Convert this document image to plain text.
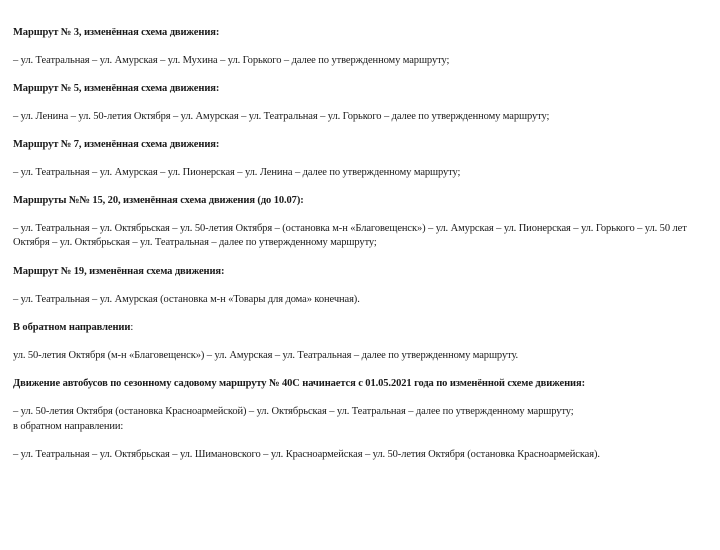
Маршрут № 3, изменённая схема движения:
– ул. Театральная – ул. Амурская – ул. Мухина – ул. Горького – далее по утвержденному маршруту;
Маршрут № 5, изменённая схема движения:
– ул. Ленина – ул. 50-летия Октября – ул. Амурская – ул. Театральная – ул. Горького – далее по утвержденному маршруту;
Маршрут № 7, изменённая схема движения:
– ул. Театральная – ул. Амурская – ул. Пионерская – ул. Ленина – далее по утвержденному маршруту;
Маршруты №№ 15, 20, изменённая схема движения (до 10.07):
– ул. Театральная – ул. Октябрьская – ул. 50-летия Октября – (остановка м-н «Благовещенск») – ул. Амурская – ул. Пионерская – ул. Горького – ул. 50 лет Октября – ул. Октябрьская – ул. Театральная – далее по утвержденному маршруту;
Маршрут № 19, изменённая схема движения:
– ул. Театральная – ул. Амурская (остановка м-н «Товары для дома» конечная).
В обратном направлении:
ул. 50-летия Октября (м-н «Благовещенск») – ул. Амурская – ул. Театральная – далее по утвержденному маршруту.
Движение автобусов по сезонному садовому маршруту № 40С начинается с 01.05.2021 года по изменённой схеме движения:
– ул. 50-летия Октября (остановка Красноармейской) – ул. Октябрьская – ул. Театральная – далее по утвержденному маршруту;
в обратном направлении:
– ул. Театральная – ул. Октябрьская – ул. Шимановского – ул. Красноармейская – ул. 50-летия Октября (остановка Красноармейская).
